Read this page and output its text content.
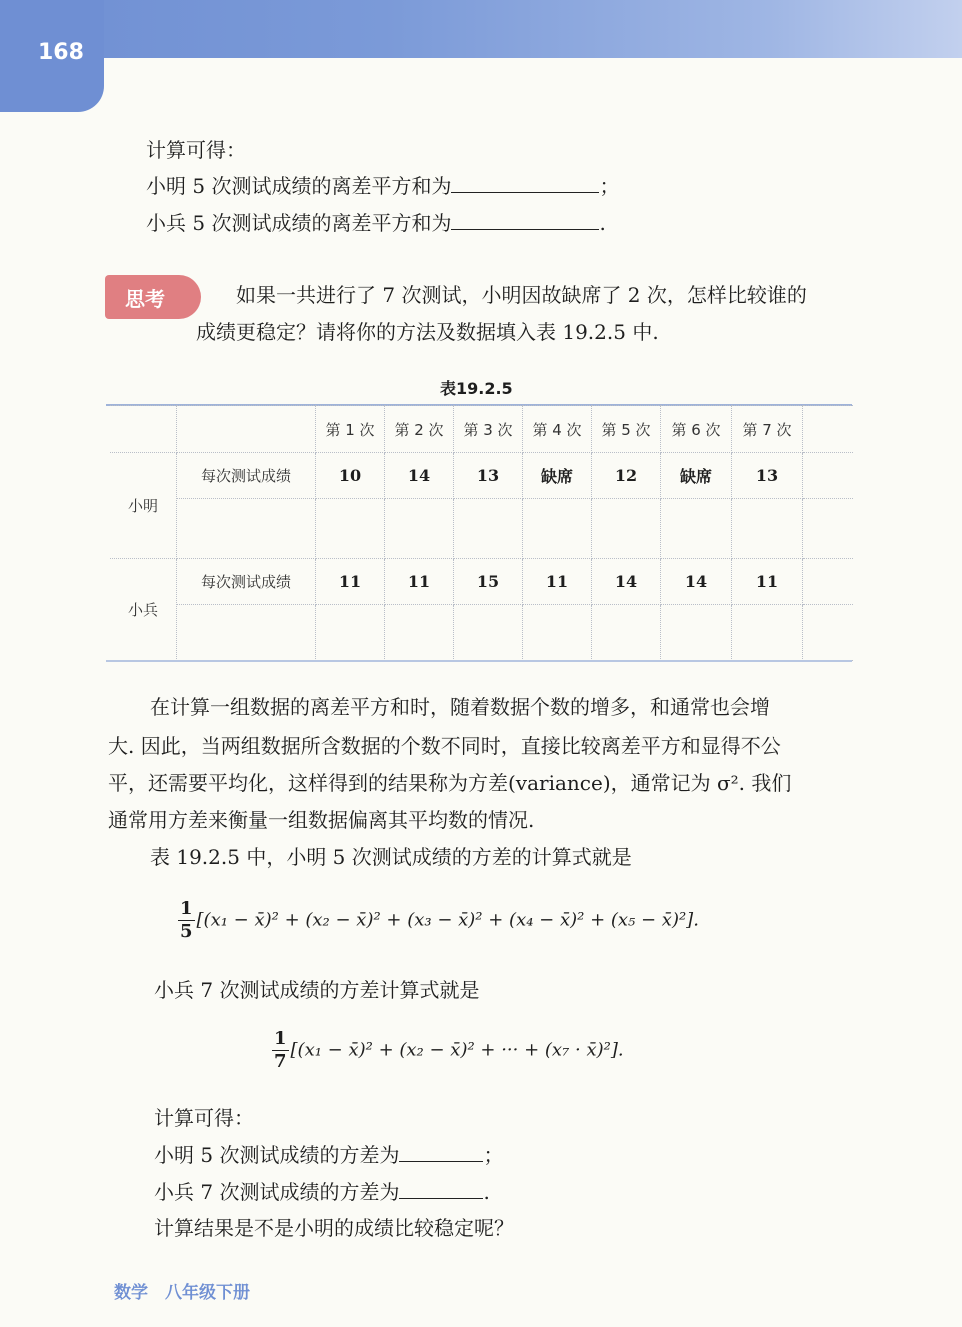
168
计算可得：
小明 5 次测试成绩的离差平方和为	；
小兵 5 次测试成绩的离差平方和为	.
思考	如果一共进行了 7 次测试，小明因故缺席了 2 次，怎样比较谁的
成绩更稳定？请将你的方法及数据填入表 19.2.5 中.
表19.2.5
		第 1 次	第 2 次	第 3 次	第 4 次	第 5 次	第 6 次	第 7 次	
小明	每次测试成绩	10	14	13	缺席	12	缺席	13	

小兵	每次测试成绩	11	11	15	11	14	14	11	

在计算一组数据的离差平方和时，随着数据个数的增多，和通常也会增
大. 因此，当两组数据所含数据的个数不同时，直接比较离差平方和显得不公
平，还需要平均化，这样得到的结果称为方差(variance)，通常记为 σ². 我们
通常用方差来衡量一组数据偏离其平均数的情况.
表 19.2.5 中，小明 5 次测试成绩的方差的计算式就是
$\frac{1}{5} [(x_1$ − x̄)² + (x₂ − x̄)² + (x₃ − x̄)² + (x₄ − x̄)² + (x₅ − x̄)²].
小兵 7 次测试成绩的方差计算式就是
$\frac{1}{7} [(x_1$ − x̄)² + (x₂ − x̄)² + ··· + (x₇ · x̄)²].
计算可得：
小明 5 次测试成绩的方差为	；
小兵 7 次测试成绩的方差为	.
计算结果是不是小明的成绩比较稳定呢？
数学　八年级下册
